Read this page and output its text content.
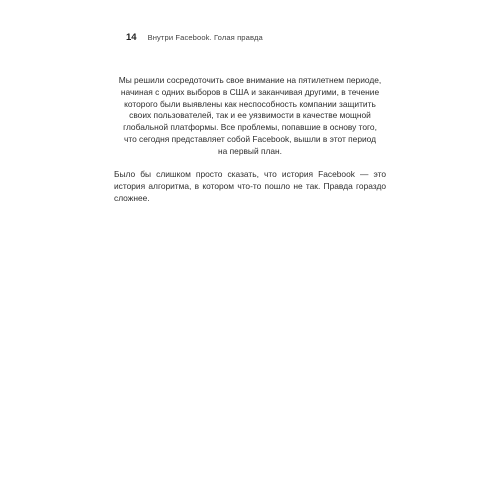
14 Внутри Facebook. Голая правда

Мы решили сосредоточить свое внимание на пятилетнем периоде,
начиная с одних выборов в США и заканчивая другими, в течение
которого были выявлены как неспособность компании защитить
своих пользователей, так и ее уязвимости в качестве мощной
глобальной платформы. Все проблемы, попавшие в основу того,
что сегодня представляет собой Facebook, вышли в этот период
на первый план.

Было бы слишком просто сказать, что история Facebook — это
история алгоритма, в котором что-то пошло не так. Правда гораздо
сложнее.
